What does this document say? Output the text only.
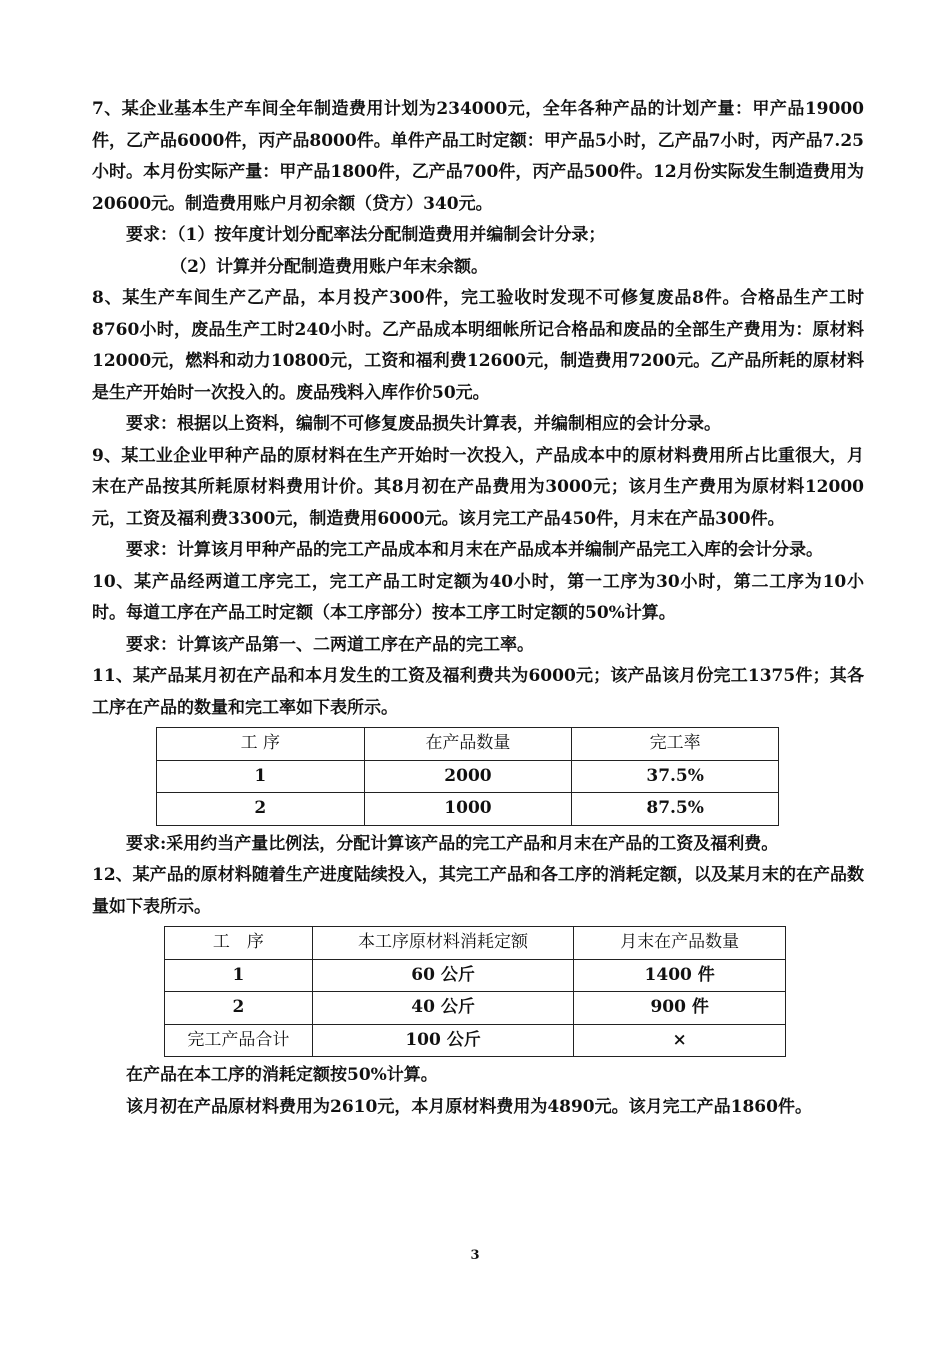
7、某企业基本生产车间全年制造费用计划为234000元，全年各种产品的计划产量：甲产品19000件，乙产品6000件，丙产品8000件。单件产品工时定额：甲产品5小时，乙产品7小时，丙产品7.25小时。本月份实际产量：甲产品1800件，乙产品700件，丙产品500件。12月份实际发生制造费用为20600元。制造费用账户月初余额（贷方）340元。

要求：（1）按年度计划分配率法分配制造费用并编制会计分录；

（2）计算并分配制造费用账户年末余额。

8、某生产车间生产乙产品，本月投产300件，完工验收时发现不可修复废品8件。合格品生产工时8760小时，废品生产工时240小时。乙产品成本明细帐所记合格品和废品的全部生产费用为：原材料12000元，燃料和动力10800元，工资和福利费12600元，制造费用7200元。乙产品所耗的原材料是生产开始时一次投入的。废品残料入库作价50元。

要求：根据以上资料，编制不可修复废品损失计算表，并编制相应的会计分录。

9、某工业企业甲种产品的原材料在生产开始时一次投入，产品成本中的原材料费用所占比重很大，月末在产品按其所耗原材料费用计价。其8月初在产品费用为3000元；该月生产费用为原材料12000元，工资及福利费3300元，制造费用6000元。该月完工产品450件，月末在产品300件。

要求：计算该月甲种产品的完工产品成本和月末在产品成本并编制产品完工入库的会计分录。

10、某产品经两道工序完工，完工产品工时定额为40小时，第一工序为30小时，第二工序为10小时。每道工序在产品工时定额（本工序部分）按本工序工时定额的50%计算。

要求：计算该产品第一、二两道工序在产品的完工率。

11、某产品某月初在产品和本月发生的工资及福利费共为6000元；该产品该月份完工1375件；其各工序在产品的数量和完工率如下表所示。

工 序	在产品数量	完工率
1	2000	37.5%
2	1000	87.5%

要求:采用约当产量比例法，分配计算该产品的完工产品和月末在产品的工资及福利费。

12、某产品的原材料随着生产进度陆续投入，其完工产品和各工序的消耗定额，以及某月末的在产品数量如下表所示。

工　序	本工序原材料消耗定额	月末在产品数量
1	60 公斤	1400 件
2	40 公斤	900 件
完工产品合计	100 公斤	×

在产品在本工序的消耗定额按50%计算。

该月初在产品原材料费用为2610元，本月原材料费用为4890元。该月完工产品1860件。

3
